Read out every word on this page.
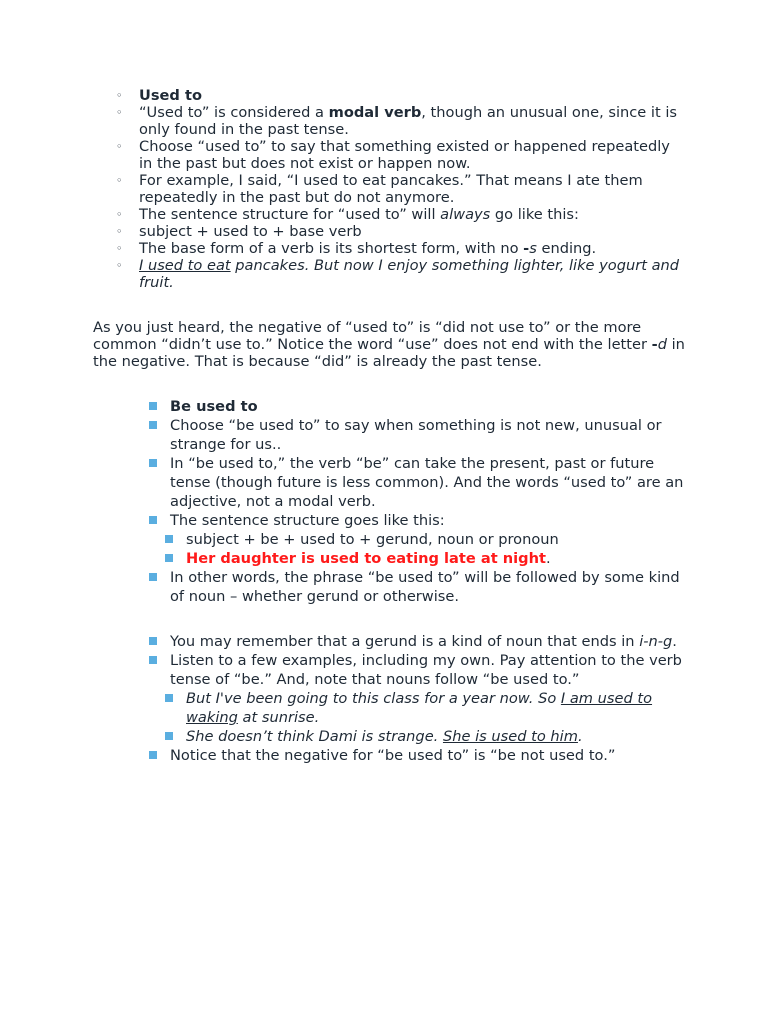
◦ Used to
◦ “Used to” is considered a modal verb, though an unusual one, since it is only found in the past tense.
◦ Choose “used to” to say that something existed or happened repeatedly in the past but does not exist or happen now.
◦ For example, I said, “I used to eat pancakes.” That means I ate them repeatedly in the past but do not anymore.
◦ The sentence structure for “used to” will always go like this:
◦ subject + used to + base verb
◦ The base form of a verb is its shortest form, with no -s ending.
◦ I used to eat pancakes. But now I enjoy something lighter, like yogurt and fruit.
As you just heard, the negative of “used to” is “did not use to” or the more common “didn’t use to.” Notice the word “use” does not end with the letter -d in the negative. That is because “did” is already the past tense.
Be used to
Choose “be used to” to say when something is not new, unusual or strange for us..
In “be used to,” the verb “be” can take the present, past or future tense (though future is less common). And the words “used to” are an adjective, not a modal verb.
The sentence structure goes like this:
subject + be + used to + gerund, noun or pronoun
Her daughter is used to eating late at night.
In other words, the phrase “be used to” will be followed by some kind of noun – whether gerund or otherwise.
You may remember that a gerund is a kind of noun that ends in i-n-g.
Listen to a few examples, including my own. Pay attention to the verb tense of “be.” And, note that nouns follow “be used to.”
But I've been going to this class for a year now. So I am used to waking at sunrise.
She doesn’t think Dami is strange. She is used to him.
Notice that the negative for “be used to” is “be not used to.”
